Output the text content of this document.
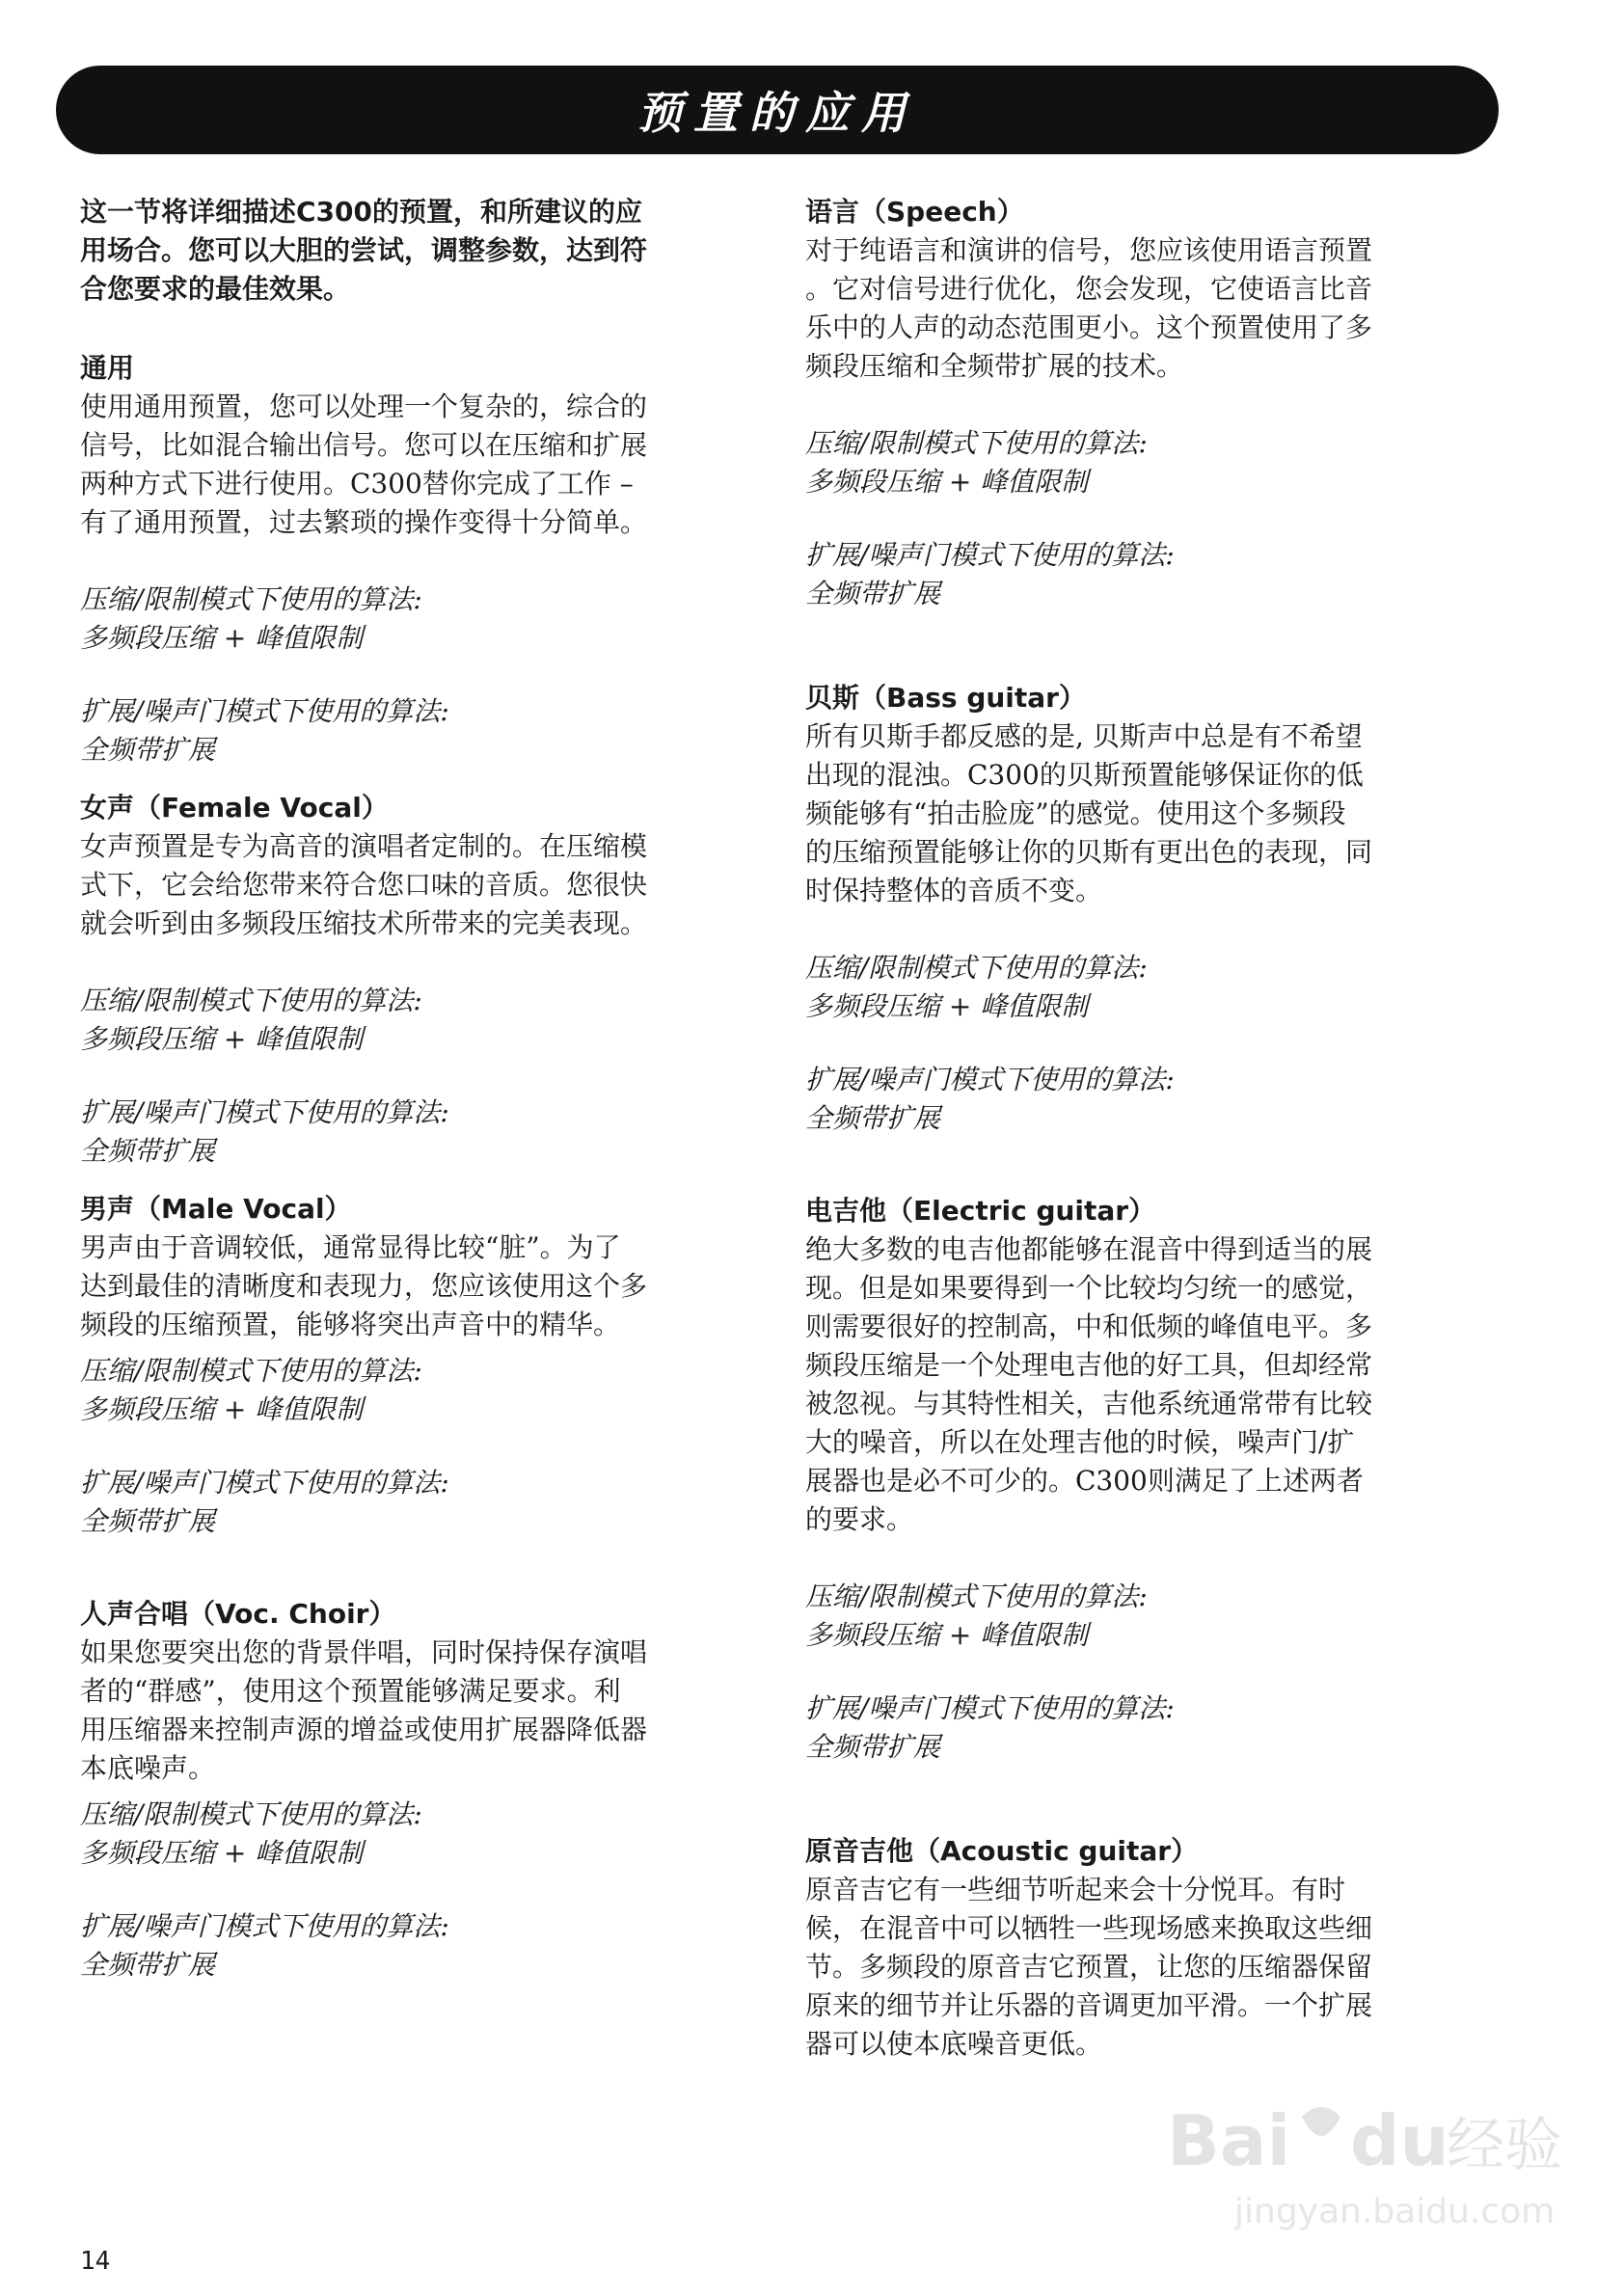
预置的应用

这一节将详细描述C300的预置，和所建议的应

用场合。您可以大胆的尝试，调整参数，达到符

合您要求的最佳效果。

通用

使用通用预置，您可以处理一个复杂的，综合的

信号，比如混合输出信号。您可以在压缩和扩展

两种方式下进行使用。C300替你完成了工作 –

有了通用预置，过去繁琐的操作变得十分简单。

压缩/限制模式下使用的算法:

多频段压缩 + 峰值限制

扩展/噪声门模式下使用的算法:

全频带扩展

女声（Female Vocal）

女声预置是专为高音的演唱者定制的。在压缩模

式下，它会给您带来符合您口味的音质。您很快

就会听到由多频段压缩技术所带来的完美表现。

压缩/限制模式下使用的算法:

多频段压缩 + 峰值限制

扩展/噪声门模式下使用的算法:

全频带扩展

男声（Male Vocal）

男声由于音调较低，通常显得比较“脏”。为了

达到最佳的清晰度和表现力，您应该使用这个多

频段的压缩预置，能够将突出声音中的精华。

压缩/限制模式下使用的算法:

多频段压缩 + 峰值限制

扩展/噪声门模式下使用的算法:

全频带扩展

人声合唱（Voc. Choir）

如果您要突出您的背景伴唱，同时保持保存演唱

者的“群感”，使用这个预置能够满足要求。利

用压缩器来控制声源的增益或使用扩展器降低器

本底噪声。

压缩/限制模式下使用的算法:

多频段压缩 + 峰值限制

扩展/噪声门模式下使用的算法:

全频带扩展

语言（Speech）

对于纯语言和演讲的信号，您应该使用语言预置

。它对信号进行优化，您会发现，它使语言比音

乐中的人声的动态范围更小。这个预置使用了多

频段压缩和全频带扩展的技术。

压缩/限制模式下使用的算法:

多频段压缩 + 峰值限制

扩展/噪声门模式下使用的算法:

全频带扩展

贝斯（Bass guitar）

所有贝斯手都反感的是, 贝斯声中总是有不希望

出现的混浊。C300的贝斯预置能够保证你的低

频能够有“拍击脸庞”的感觉。使用这个多频段

的压缩预置能够让你的贝斯有更出色的表现，同

时保持整体的音质不变。

压缩/限制模式下使用的算法:

多频段压缩 + 峰值限制

扩展/噪声门模式下使用的算法:

全频带扩展

电吉他（Electric guitar）

绝大多数的电吉他都能够在混音中得到适当的展

现。但是如果要得到一个比较均匀统一的感觉，

则需要很好的控制高，中和低频的峰值电平。多

频段压缩是一个处理电吉他的好工具，但却经常

被忽视。与其特性相关，吉他系统通常带有比较

大的噪音，所以在处理吉他的时候，噪声门/扩

展器也是必不可少的。C300则满足了上述两者

的要求。

压缩/限制模式下使用的算法:

多频段压缩 + 峰值限制

扩展/噪声门模式下使用的算法:

全频带扩展

原音吉他（Acoustic guitar）

原音吉它有一些细节听起来会十分悦耳。有时

候，在混音中可以牺牲一些现场感来换取这些细

节。多频段的原音吉它预置，让您的压缩器保留

原来的细节并让乐器的音调更加平滑。一个扩展

器可以使本底噪音更低。

Bai du
经验
jingyan.baidu.com
14
